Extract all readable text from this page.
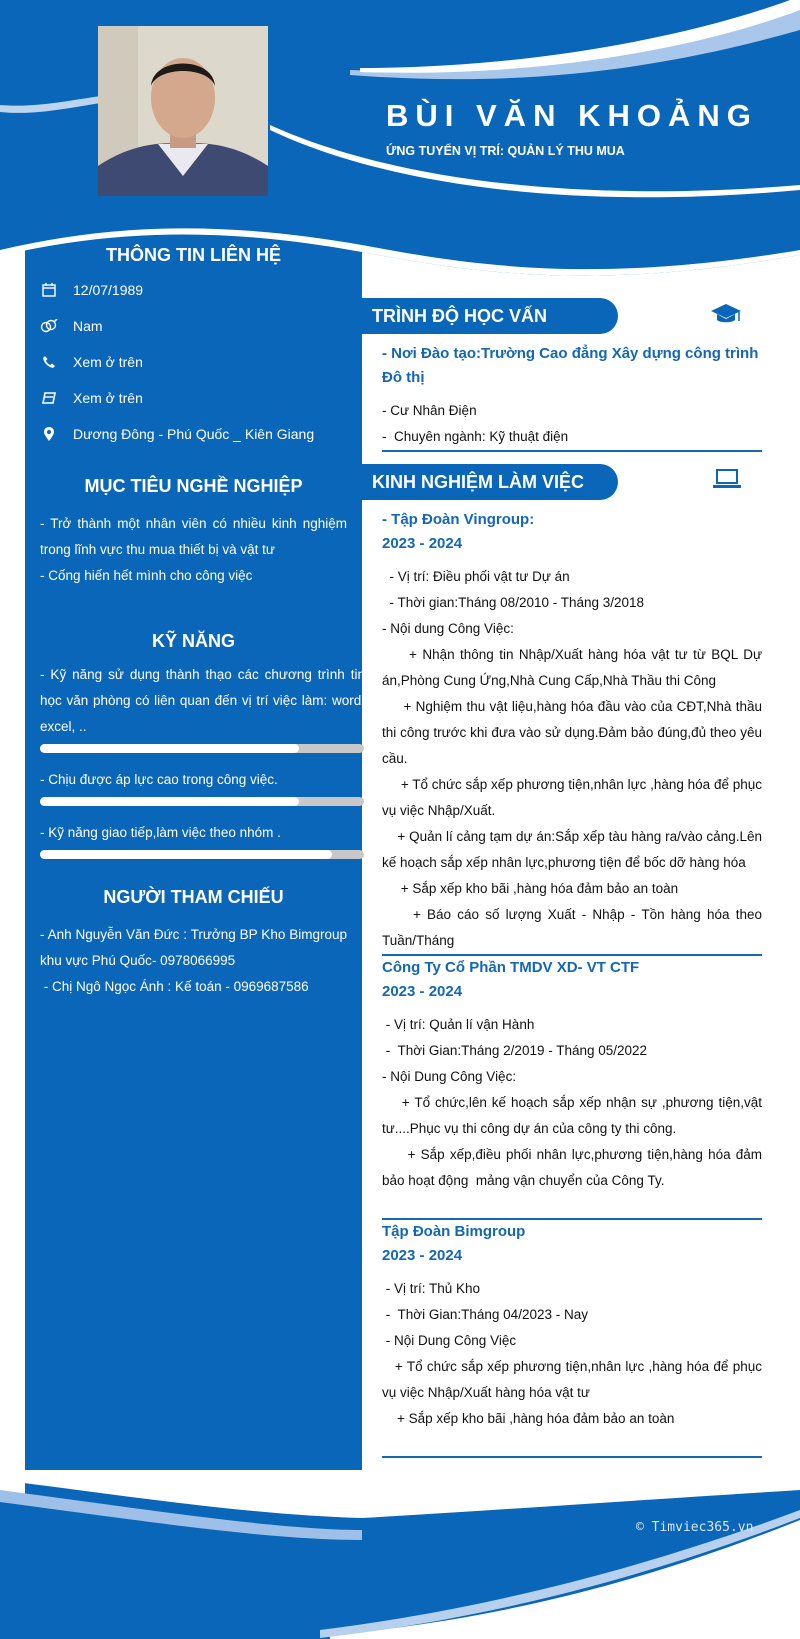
BÙI VĂN KHOẢNG
ỨNG TUYỂN VỊ TRÍ: QUẢN LÝ THU MUA
THÔNG TIN LIÊN HỆ
12/07/1989
Nam
Xem ở trên
Xem ở trên
Dương Đông - Phú Quốc _ Kiên Giang
MỤC TIÊU NGHỀ NGHIỆP
- Trở thành một nhân viên có nhiều kinh nghiệm trong lĩnh vực thu mua thiết bị và vật tư
- Cống hiến hết mình cho công việc
KỸ NĂNG
- Kỹ năng sử dụng thành thạo các chương trình tin học văn phòng có liên quan đến vị trí việc làm: word, excel, ..
- Chịu được áp lực cao trong công việc.
- Kỹ năng giao tiếp,làm việc theo nhóm .
NGƯỜI THAM CHIẾU
- Anh Nguyễn Văn Đức : Trưởng BP Kho Bimgroup khu vực Phú Quốc- 0978066995
- Chị Ngô Ngọc Ánh : Kế toán - 0969687586
TRÌNH ĐỘ HỌC VẤN
- Nơi Đào tạo:Trường Cao đẳng Xây dựng công trình Đô thị
- Cư Nhân Điện
-  Chuyên ngành: Kỹ thuật điện
KINH NGHIỆM LÀM VIỆC
- Tập Đoàn Vingroup:
2023 - 2024
- Vị trí: Điều phối vật tư Dự án
- Thời gian:Tháng 08/2010 - Tháng 3/2018
- Nội dung Công Việc:
+ Nhận thông tin Nhập/Xuất hàng hóa vật tư từ BQL Dự án,Phòng Cung Ứng,Nhà Cung Cấp,Nhà Thầu thi Công
+ Nghiệm thu vật liệu,hàng hóa đầu vào của CĐT,Nhà thầu thi công trước khi đưa vào sử dụng.Đảm bảo đúng,đủ theo yêu cầu.
+ Tổ chức sắp xếp phương tiện,nhân lực ,hàng hóa để phục vụ việc Nhập/Xuất.
+ Quản lí cảng tạm dự án:Sắp xếp tàu hàng ra/vào cảng.Lên kế hoạch sắp xếp nhân lực,phương tiện để bốc dỡ hàng hóa
+ Sắp xếp kho bãi ,hàng hóa đảm bảo an toàn
+ Báo cáo số lượng Xuất - Nhập - Tồn hàng hóa theo Tuần/Tháng
Công Ty Cổ Phần TMDV XD- VT CTF
2023 - 2024
- Vị trí: Quản lí vận Hành
-  Thời Gian:Tháng 2/2019 - Tháng 05/2022
- Nội Dung Công Việc:
+ Tổ chức,lên kế hoạch sắp xếp nhận sự ,phương tiện,vật tư....Phục vụ thi công dự án của công ty thi công.
+ Sắp xếp,điều phối nhân lực,phương tiện,hàng hóa đảm bảo hoạt động  mảng vận chuyển của Công Ty.
Tập Đoàn Bimgroup
2023 - 2024
- Vị trí: Thủ Kho
-  Thời Gian:Tháng 04/2023 - Nay
- Nội Dung Công Việc
+ Tổ chức sắp xếp phương tiện,nhân lực ,hàng hóa để phục vụ việc Nhập/Xuất hàng hóa vật tư
+ Sắp xếp kho bãi ,hàng hóa đảm bảo an toàn
© Timviec365.vn
